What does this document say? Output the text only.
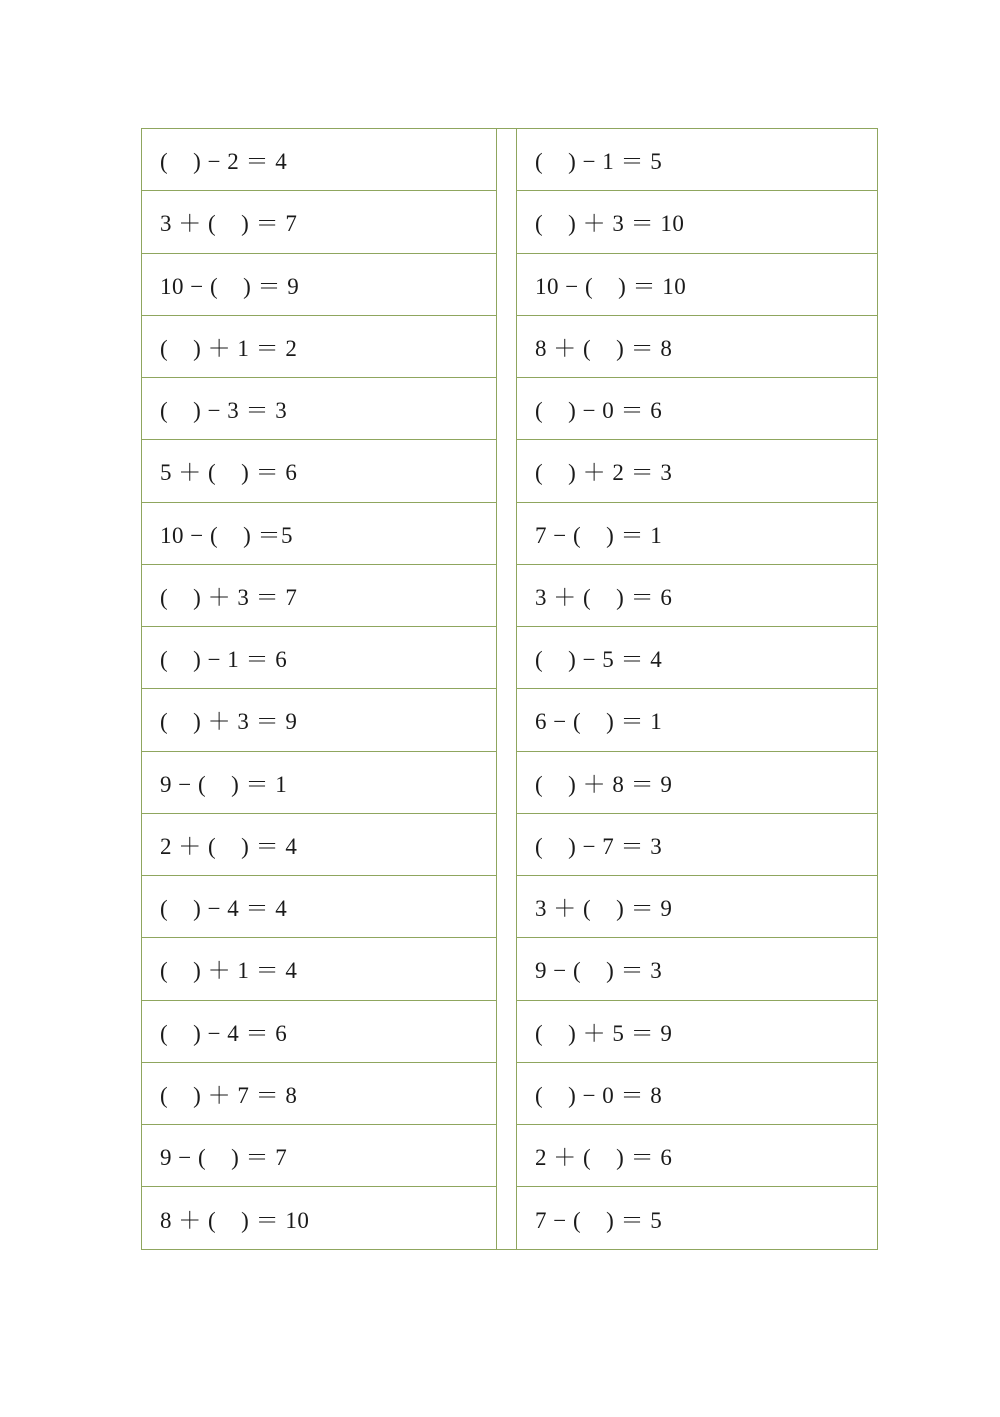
(    ) − 2 ＝ 4
3 ＋ (    ) ＝ 7
10 − (    ) ＝ 9
(    ) ＋ 1 ＝ 2
(    ) − 3 ＝ 3
5 ＋ (    ) ＝ 6
10 − (    ) ＝5
(    ) ＋ 3 ＝ 7
(    ) − 1 ＝ 6
(    ) ＋ 3 ＝ 9
9 − (    ) ＝ 1
2 ＋ (    ) ＝ 4
(    ) − 4 ＝ 4
(    ) ＋ 1 ＝ 4
(    ) − 4 ＝ 6
(    ) ＋ 7 ＝ 8
9 − (    ) ＝ 7
8 ＋ (    ) ＝ 10
(    ) − 1 ＝ 5
(    ) ＋ 3 ＝ 10
10 − (    ) ＝ 10
8 ＋ (    ) ＝ 8
(    ) − 0 ＝ 6
(    ) ＋ 2 ＝ 3
7 − (    ) ＝ 1
3 ＋ (    ) ＝ 6
(    ) − 5 ＝ 4
6 − (    ) ＝ 1
(    ) ＋ 8 ＝ 9
(    ) − 7 ＝ 3
3 ＋ (    ) ＝ 9
9 − (    ) ＝ 3
(    ) ＋ 5 ＝ 9
(    ) − 0 ＝ 8
2 ＋ (    ) ＝ 6
7 − (    ) ＝ 5
